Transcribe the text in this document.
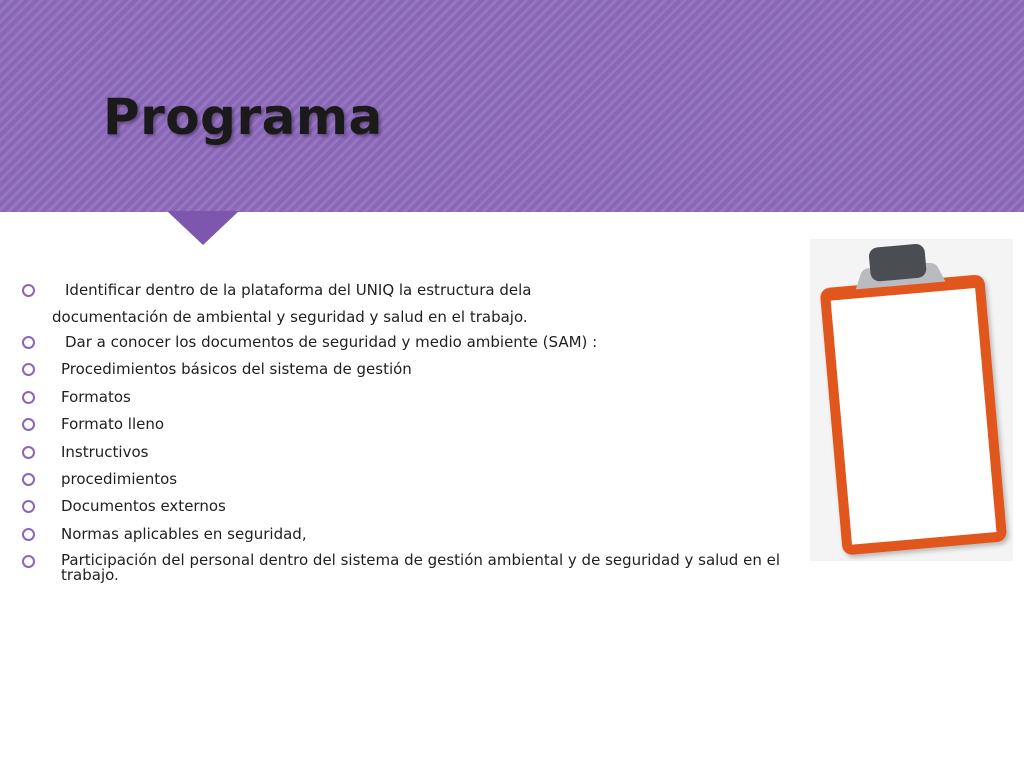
Programa
Identificar dentro de la plataforma del UNIQ la estructura dela
documentación de ambiental y seguridad y salud en el trabajo.
Dar a conocer los documentos de seguridad y medio ambiente (SAM) :
Procedimientos básicos del sistema de gestión
Formatos
Formato lleno
Instructivos
procedimientos
Documentos externos
Normas aplicables en seguridad,
Participación del personal dentro del sistema de gestión ambiental y de seguridad y salud en el trabajo.
